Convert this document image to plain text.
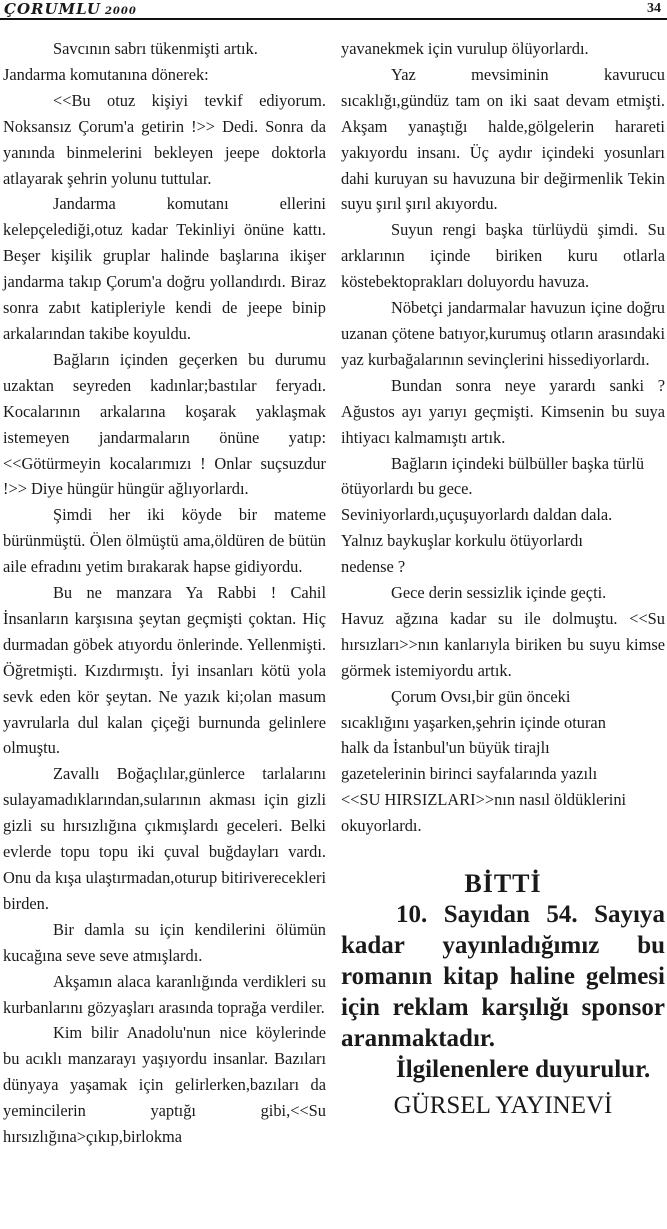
ÇORUMLU 2000	34

Savcının sabrı tükenmişti artık.

Jandarma komutanına dönerek:

<<Bu otuz kişiyi tevkif ediyorum. Noksansız Çorum'a getirin !>> Dedi. Sonra da yanında binmelerini bekleyen jeepe doktorla atlayarak şehrin yolunu tuttular.

Jandarma komutanı ellerini kelepçelediği,otuz kadar Tekinliyi önüne kattı. Beşer kişilik gruplar halinde başlarına ikişer jandarma takıp Çorum'a doğru yollandırdı. Biraz sonra zabıt katipleriyle kendi de jeepe binip arkalarından takibe koyuldu.

Bağların içinden geçerken bu durumu uzaktan seyreden kadınlar;bastılar feryadı. Kocalarının arkalarına koşarak yaklaşmak istemeyen jandarmaların önüne yatıp:<<Götürmeyin kocalarımızı ! Onlar suçsuzdur !>> Diye hüngür hüngür ağlıyorlardı.

Şimdi her iki köyde bir mateme bürünmüştü. Ölen ölmüştü ama,öldüren de bütün aile efradını yetim bırakarak hapse gidiyordu.

Bu ne manzara Ya Rabbi ! Cahil İnsanların karşısına şeytan geçmişti çoktan. Hiç durmadan göbek atıyordu önlerinde. Yellenmişti. Öğretmişti. Kızdırmıştı. İyi insanları kötü yola sevk eden kör şeytan. Ne yazık ki;olan masum yavrularla dul kalan çiçeği burnunda gelinlere olmuştu.

Zavallı Boğaçlılar,günlerce tarlalarını sulayamadıklarından,sularının akması için gizli gizli su hırsızlığına çıkmışlardı geceleri. Belki evlerde topu topu iki çuval buğdayları vardı. Onu da kışa ulaştırmadan,oturup bitiriverecekleri birden.

Bir damla su için kendilerini ölümün kucağına seve seve atmışlardı.

Akşamın alaca karanlığında verdikleri su kurbanlarını gözyaşları arasında toprağa verdiler.

Kim bilir Anadolu'nun nice köylerinde bu acıklı manzarayı yaşıyordu insanlar. Bazıları dünyaya yaşamak için gelirlerken,bazıları da yemincilerin yaptığı gibi,<<Su hırsızlığına>çıkıp,birlokma

yavanekmek için vurulup ölüyorlardı.

Yaz mevsiminin kavurucu sıcaklığı,gündüz tam on iki saat devam etmişti. Akşam yanaştığı halde,gölgelerin harareti yakıyordu insanı. Üç aydır içindeki yosunları dahi kuruyan su havuzuna bir değirmenlik Tekin suyu şırıl şırıl akıyordu.

Suyun rengi başka türlüydü şimdi. Su arklarının içinde biriken kuru otlarla köstebektoprakları doluyordu havuza.

Nöbetçi jandarmalar havuzun içine doğru uzanan çötene batıyor,kurumuş otların arasındaki yaz kurbağalarının sevinçlerini hissediyorlardı.

Bundan sonra neye yarardı sanki ? Ağustos ayı yarıyı geçmişti. Kimsenin bu suya ihtiyacı kalmamıştı artık.

Bağların içindeki bülbüller başka türlü ötüyorlardı bu gece.

Seviniyorlardı,uçuşuyorlardı daldan dala.

Yalnız baykuşlar korkulu ötüyorlardı

nedense ?

Gece derin sessizlik içinde geçti.

Havuz ağzına kadar su ile dolmuştu. <<Su hırsızları>>nın kanlarıyla biriken bu suyu kimse görmek istemiyordu artık.

Çorum Ovsı,bir gün önceki

sıcaklığını yaşarken,şehrin içinde oturan

halk da İstanbul'un büyük tirajlı

gazetelerinin birinci sayfalarında yazılı

<<SU HIRSIZLARI>>nın nasıl öldüklerini

okuyorlardı.

BİTTİ

10. Sayıdan 54. Sayıya kadar yayınladığımız bu romanın kitap haline gelmesi için reklam karşılığı sponsor aranmaktadır.

İlgilenenlere duyurulur.

GÜRSEL YAYINEVİ
